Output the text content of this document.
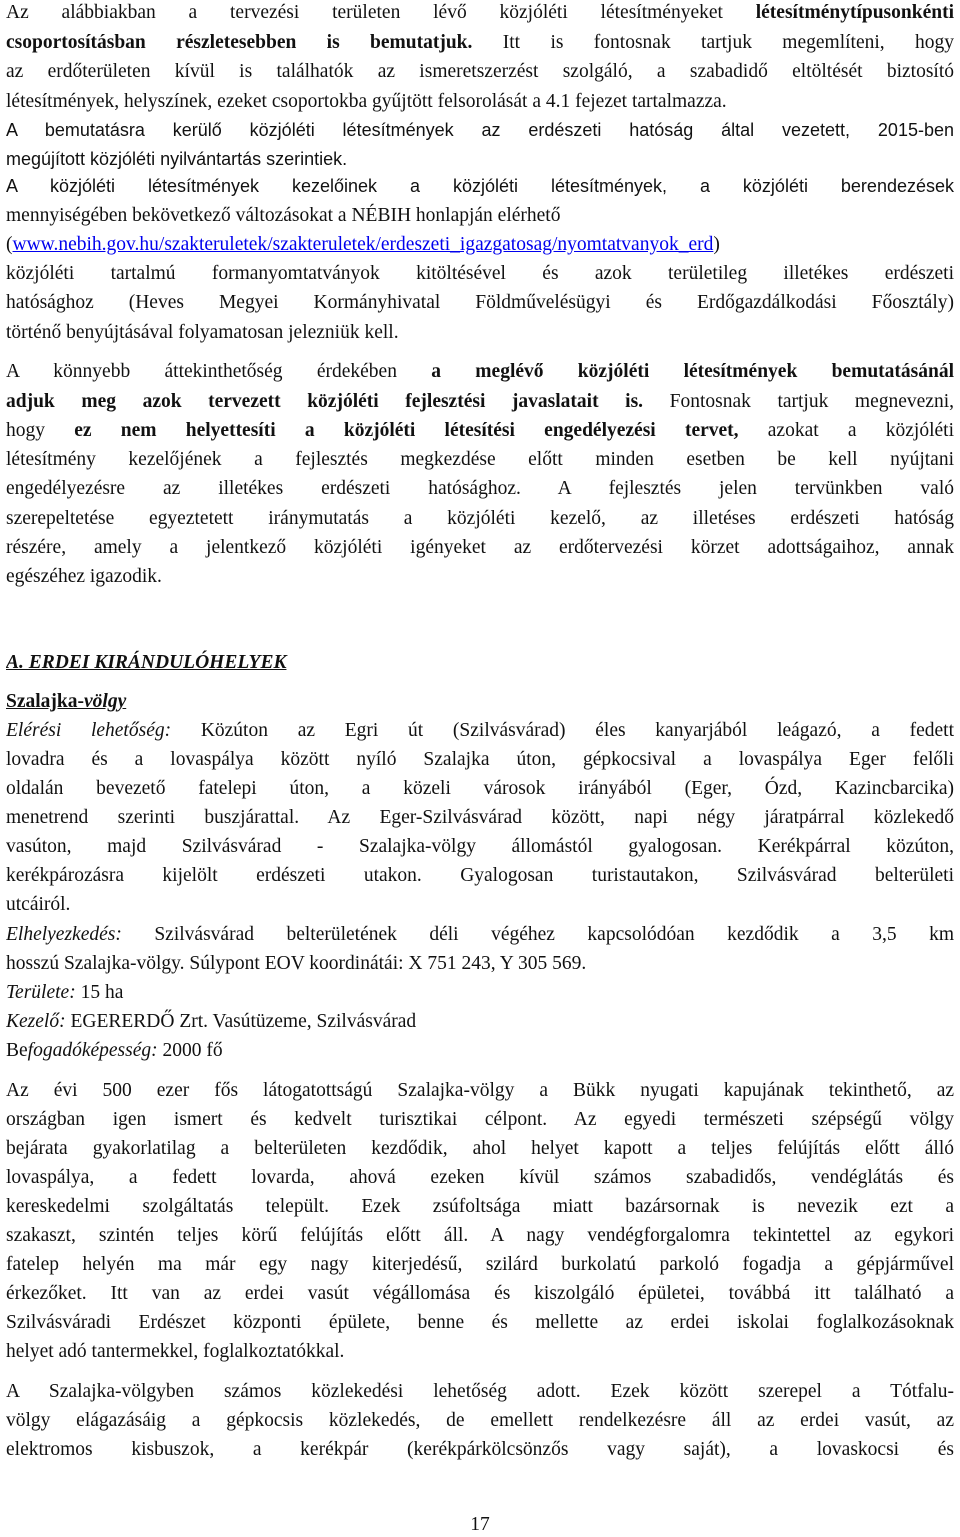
Az alábbiakban a tervezési területen lévő közjóléti létesítményeket létesítménytípusonkénti
csoportosításban részletesebben is bemutatjuk. Itt is fontosnak tartjuk megemlíteni, hogy
az erdőterületen kívül is találhatók az ismeretszerzést szolgáló, a szabadidő eltöltését biztosító
létesítmények, helyszínek, ezeket csoportokba gyűjtött felsorolását a 4.1 fejezet tartalmazza.
A bemutatásra kerülő közjóléti létesítmények az erdészeti hatóság által vezetett, 2015-ben
megújított közjóléti nyilvántartás szerintiek.
A közjóléti létesítmények kezelőinek a közjóléti létesítmények, a közjóléti berendezések
mennyiségében bekövetkező változásokat a NÉBIH honlapján elérhető
(www.nebih.gov.hu/szakteruletek/szakteruletek/erdeszeti_igazgatosag/nyomtatvanyok_erd)
közjóléti tartalmú formanyomtatványok kitöltésével és azok területileg illetékes erdészeti
hatósághoz (Heves Megyei Kormányhivatal Földművelésügyi és Erdőgazdálkodási Főosztály)
történő benyújtásával folyamatosan jelezniük kell.
A könnyebb áttekinthetőség érdekében a meglévő közjóléti létesítmények bemutatásánál
adjuk meg azok tervezett közjóléti fejlesztési javaslatait is. Fontosnak tartjuk megnevezni,
hogy ez nem helyettesíti a közjóléti létesítési engedélyezési tervet, azokat a közjóléti
létesítmény kezelőjének a fejlesztés megkezdése előtt minden esetben be kell nyújtani
engedélyezésre az illetékes erdészeti hatósághoz. A fejlesztés jelen tervünkben való
szerepeltetése egyeztetett iránymutatás a közjóléti kezelő, az illetéses erdészeti hatóság
részére, amely a jelentkező közjóléti igényeket az erdőtervezési körzet adottságaihoz, annak
egészéhez igazodik.
A. ERDEI KIRÁNDULÓHELYEK
Szalajka-völgy
Elérési lehetőség: Közúton az Egri út (Szilvásvárad) éles kanyarjából leágazó, a fedett
lovadra és a lovaspálya között nyíló Szalajka úton, gépkocsival a lovaspálya Eger felőli
oldalán bevezető fatelepi úton, a közeli városok irányából (Eger, Ózd, Kazincbarcika)
menetrend szerinti buszjárattal. Az Eger-Szilvásvárad között, napi négy járatpárral közlekedő
vasúton, majd Szilvásvárad - Szalajka-völgy állomástól gyalogosan. Kerékpárral közúton,
kerékpározásra kijelölt erdészeti utakon. Gyalogosan turistautakon, Szilvásvárad belterületi
utcáiról.
Elhelyezkedés: Szilvásvárad belterületének déli végéhez kapcsolódóan kezdődik a 3,5 km
hosszú Szalajka-völgy. Súlypont EOV koordinátái: X 751 243, Y 305 569.
Területe: 15 ha
Kezelő: EGERERDŐ Zrt. Vasútüzeme, Szilvásvárad
Befogadóképesség: 2000 fő
Az évi 500 ezer fős látogatottságú Szalajka-völgy a Bükk nyugati kapujának tekinthető, az
országban igen ismert és kedvelt turisztikai célpont. Az egyedi természeti szépségű völgy
bejárata gyakorlatilag a belterületen kezdődik, ahol helyet kapott a teljes felújítás előtt álló
lovaspálya, a fedett lovarda, ahová ezeken kívül számos szabadidős, vendéglátás és
kereskedelmi szolgáltatás települt. Ezek zsúfoltsága miatt bazársornak is nevezik ezt a
szakaszt, szintén teljes körű felújítás előtt áll. A nagy vendégforgalomra tekintettel az egykori
fatelep helyén ma már egy nagy kiterjedésű, szilárd burkolatú parkoló fogadja a gépjárművel
érkezőket. Itt van az erdei vasút végállomása és kiszolgáló épületei, továbbá itt található a
Szilvásváradi Erdészet központi épülete, benne és mellette az erdei iskolai foglalkozásoknak
helyet adó tantermekkel, foglalkoztatókkal.
A Szalajka-völgyben számos közlekedési lehetőség adott. Ezek között szerepel a Tótfalu-
völgy elágazásáig a gépkocsis közlekedés, de emellett rendelkezésre áll az erdei vasút, az
elektromos kisbuszok, a kerékpár (kerékpárkölcsönzős vagy saját), a lovaskocsi és
17
